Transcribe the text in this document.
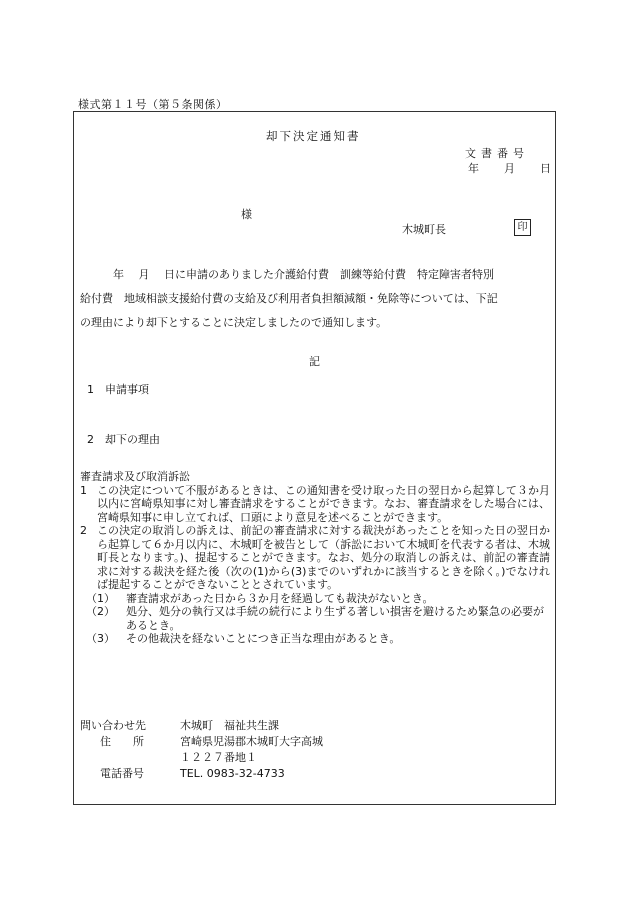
様式第１１号（第５条関係）
却下決定通知書
文書番号
年 月 日
様
木城町長	印
　　　年　 月　 日に申請のありました介護給付費　訓練等給付費　特定障害者特別
給付費　地域相談支援給付費の支給及び利用者負担額減額・免除等については、下記
の理由により却下とすることに決定しましたので通知します。
記
1　申請事項
2　却下の理由
審査請求及び取消訴訟
1 この決定について不服があるときは、この通知書を受け取った日の翌日から起算して３か月以内に宮崎県知事に対し審査請求をすることができます。なお、審査請求をした場合には、宮崎県知事に申し立てれば、口頭により意見を述べることができます。
2 この決定の取消しの訴えは、前記の審査請求に対する裁決があったことを知った日の翌日から起算して６か月以内に、木城町を被告として（訴訟において木城町を代表する者は、木城町長となります。)、提起することができます。なお、処分の取消しの訴えは、前記の審査請求に対する裁決を経た後（次の(1)から(3)までのいずれかに該当するときを除く。)でなければ提起することができないこととされています。
（1）	審査請求があった日から３か月を経過しても裁決がないとき。
（2）	処分、処分の執行又は手続の続行により生ずる著しい損害を避けるため緊急の必要があるとき。
（3）	その他裁決を経ないことにつき正当な理由があるとき。
問い合わせ先	木城町　福祉共生課
住　　所	宮崎県児湯郡木城町大字高城
１２２７番地１
電話番号	TEL. 0983-32-4733
